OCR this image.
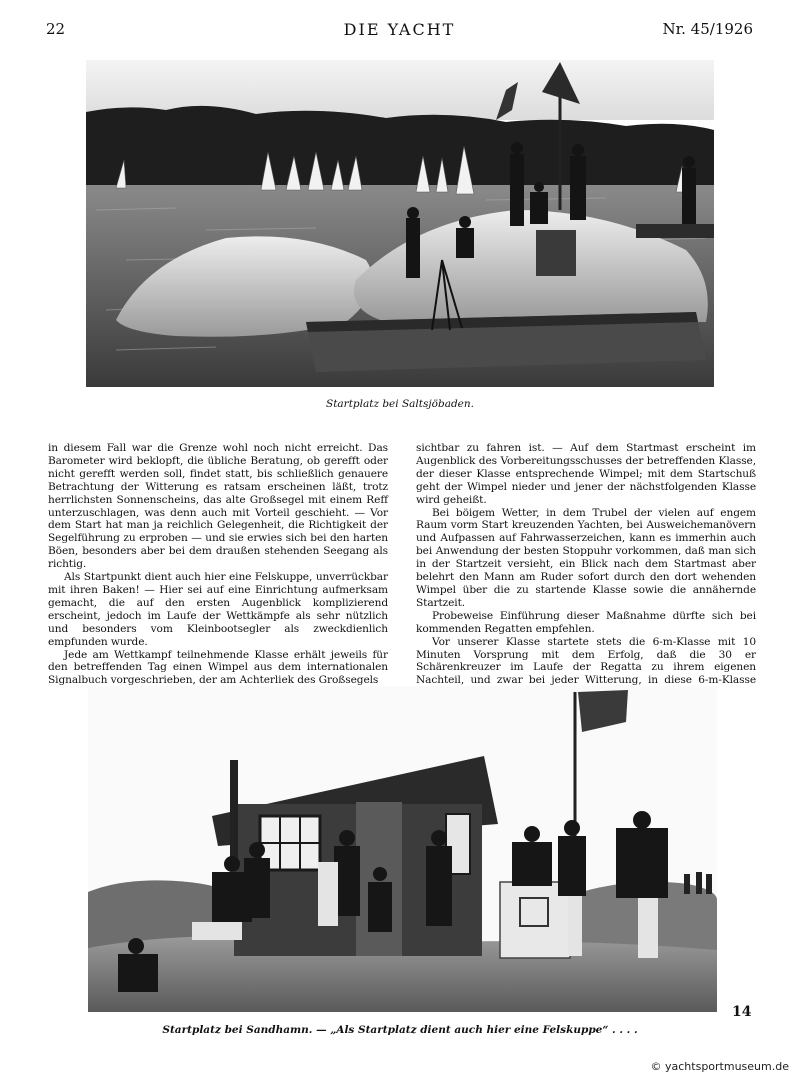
22	DIE YACHT	Nr. 45/1926
Startplatz bei Saltsjöbaden.

in diesem Fall war die Grenze wohl noch nicht erreicht. Das Barometer wird beklopft, die übliche Beratung, ob gerefft oder nicht gerefft werden soll, findet statt, bis schließlich genauere Betrachtung der Witterung es ratsam erscheinen läßt, trotz herrlichsten Sonnenscheins, das alte Großsegel mit einem Reff unterzuschlagen, was denn auch mit Vorteil geschieht. — Vor dem Start hat man ja reichlich Gelegenheit, die Richtigkeit der Segelführung zu erproben — und sie erwies sich bei den harten Böen, besonders aber bei dem draußen stehenden Seegang als richtig.

Als Startpunkt dient auch hier eine Felskuppe, unverrückbar mit ihren Baken! — Hier sei auf eine Einrichtung aufmerksam gemacht, die auf den ersten Augenblick komplizierend erscheint, jedoch im Laufe der Wettkämpfe als sehr nützlich und besonders vom Kleinbootsegler als zweckdienlich empfunden wurde.

Jede am Wettkampf teilnehmende Klasse erhält jeweils für den betreffenden Tag einen Wimpel aus dem internationalen Signalbuch vorgeschrieben, der am Achterliek des Großsegels

sichtbar zu fahren ist. — Auf dem Startmast erscheint im Augenblick des Vorbereitungsschusses der betreffenden Klasse, der dieser Klasse entsprechende Wimpel; mit dem Startschuß geht der Wimpel nieder und jener der nächstfolgenden Klasse wird geheißt.

Bei böigem Wetter, in dem Trubel der vielen auf engem Raum vorm Start kreuzenden Yachten, bei Ausweichemanövern und Aufpassen auf Fahrwasserzeichen, kann es immerhin auch bei Anwendung der besten Stoppuhr vorkommen, daß man sich in der Startzeit versieht, ein Blick nach dem Startmast aber belehrt den Mann am Ruder sofort durch den dort wehenden Wimpel über die zu startende Klasse sowie die annähernde Startzeit.

Probeweise Einführung dieser Maßnahme dürfte sich bei kommenden Regatten empfehlen.

Vor unserer Klasse startete stets die 6-m-Klasse mit 10 Minuten Vorsprung mit dem Erfolg, daß die 30 er Schärenkreuzer im Laufe der Regatta zu ihrem eigenen Nachteil, und zwar bei jeder Witterung, in diese 6-m-Klasse

14
Startplatz bei Sandhamn. — „Als Startplatz dient auch hier eine Felskuppe“ . . . .
© yachtsportmuseum.de
